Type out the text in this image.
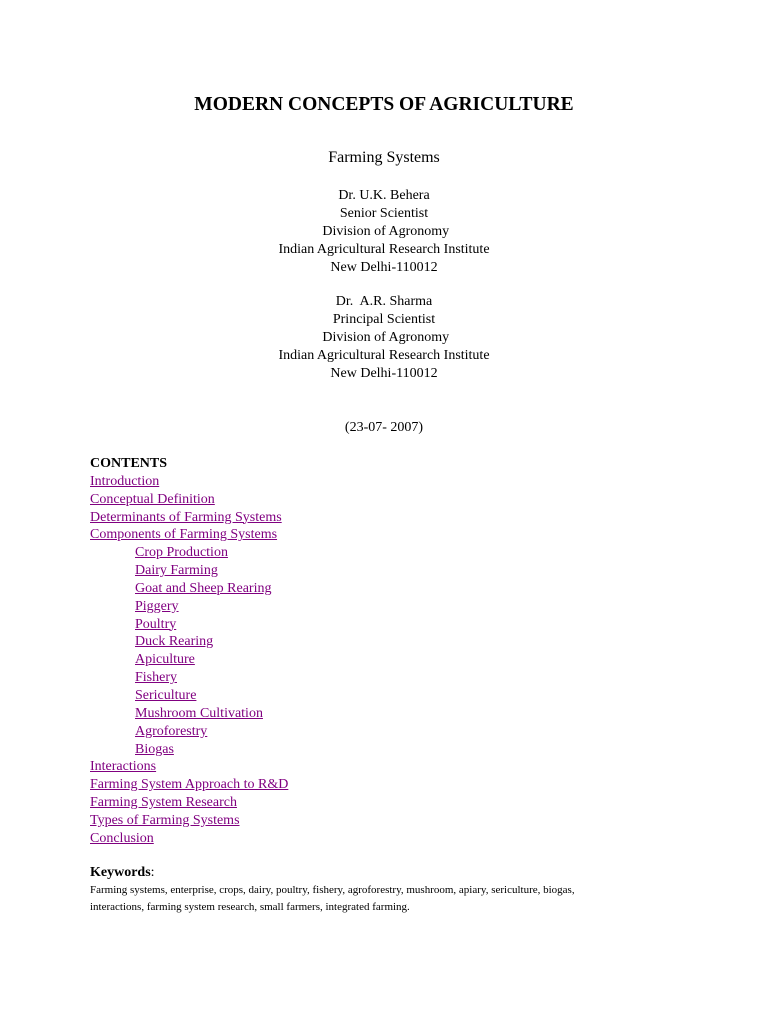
MODERN CONCEPTS OF AGRICULTURE
Farming Systems
Dr. U.K. Behera
Senior Scientist
Division of Agronomy
Indian Agricultural Research Institute
New Delhi-110012
Dr.  A.R. Sharma
Principal Scientist
Division of Agronomy
Indian Agricultural Research Institute
New Delhi-110012
(23-07- 2007)
CONTENTS
Introduction
Conceptual Definition
Determinants of Farming Systems
Components of Farming Systems
Crop Production
Dairy Farming
Goat and Sheep Rearing
Piggery
Poultry
Duck Rearing
Apiculture
Fishery
Sericulture
Mushroom Cultivation
Agroforestry
Biogas
Interactions
Farming System Approach to R&D
Farming System Research
Types of Farming Systems
Conclusion
Keywords:
Farming systems, enterprise, crops, dairy, poultry, fishery, agroforestry, mushroom, apiary, sericulture, biogas,
interactions, farming system research, small farmers, integrated farming.
